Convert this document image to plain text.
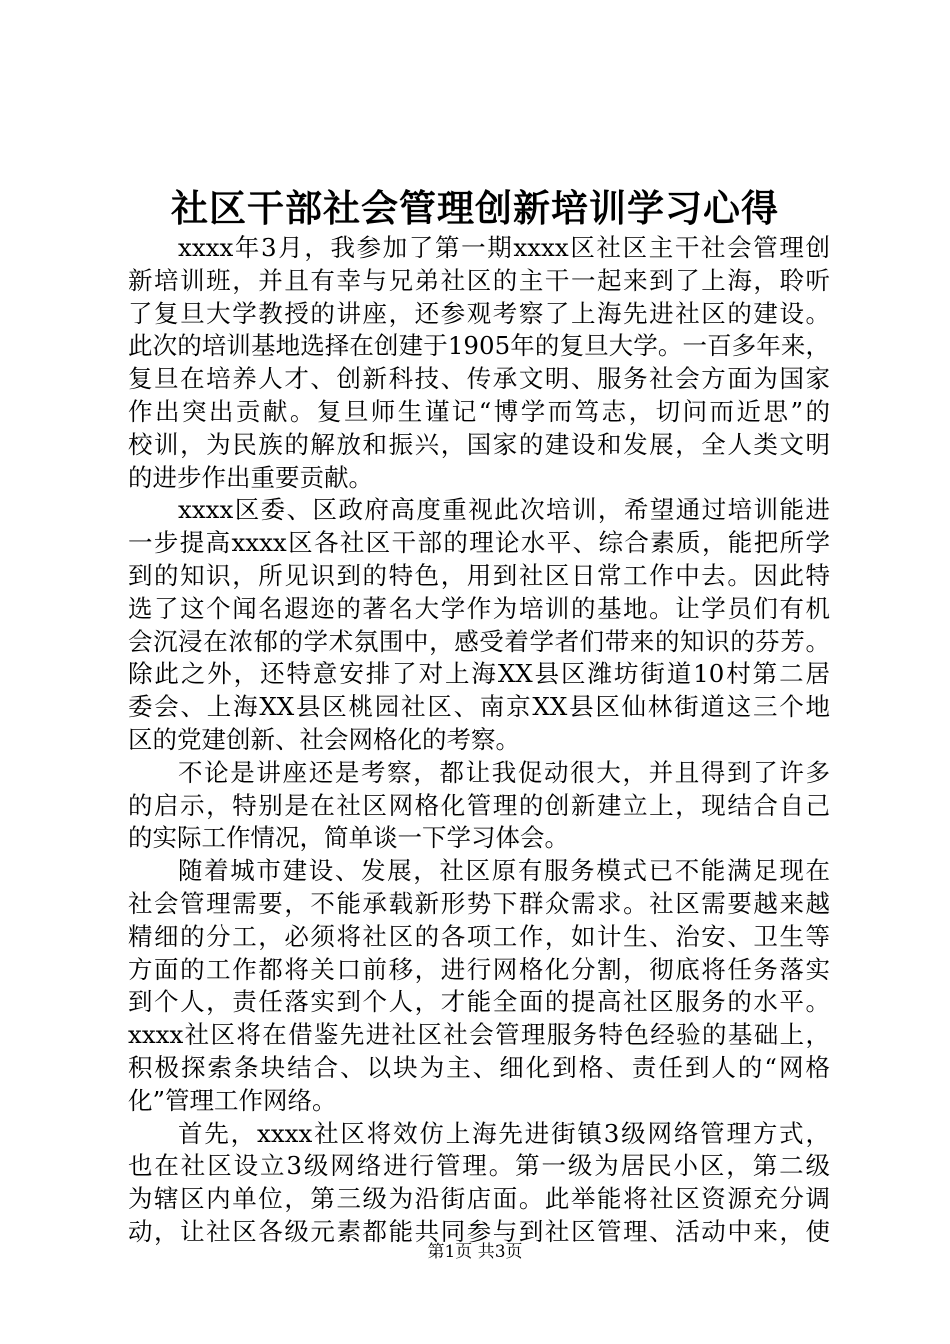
社区干部社会管理创新培训学习心得
xxxx年3月，我参加了第一期xxxx区社区主干社会管理创
新培训班，并且有幸与兄弟社区的主干一起来到了上海，聆听
了复旦大学教授的讲座，还参观考察了上海先进社区的建设。
此次的培训基地选择在创建于1905年的复旦大学。一百多年来，
复旦在培养人才、创新科技、传承文明、服务社会方面为国家
作出突出贡献。复旦师生谨记“博学而笃志，切问而近思”的
校训，为民族的解放和振兴，国家的建设和发展，全人类文明
的进步作出重要贡献。
xxxx区委、区政府高度重视此次培训，希望通过培训能进
一步提高xxxx区各社区干部的理论水平、综合素质，能把所学
到的知识，所见识到的特色，用到社区日常工作中去。因此特
选了这个闻名遐迩的著名大学作为培训的基地。让学员们有机
会沉浸在浓郁的学术氛围中，感受着学者们带来的知识的芬芳。
除此之外，还特意安排了对上海XX县区潍坊街道10村第二居
委会、上海XX县区桃园社区、南京XX县区仙林街道这三个地
区的党建创新、社会网格化的考察。
不论是讲座还是考察，都让我促动很大，并且得到了许多
的启示，特别是在社区网格化管理的创新建立上，现结合自己
的实际工作情况，简单谈一下学习体会。
随着城市建设、发展，社区原有服务模式已不能满足现在
社会管理需要，不能承载新形势下群众需求。社区需要越来越
精细的分工，必须将社区的各项工作，如计生、治安、卫生等
方面的工作都将关口前移，进行网格化分割，彻底将任务落实
到个人，责任落实到个人，才能全面的提高社区服务的水平。
xxxx社区将在借鉴先进社区社会管理服务特色经验的基础上，
积极探索条块结合、以块为主、细化到格、责任到人的“网格
化”管理工作网络。
首先，xxxx社区将效仿上海先进街镇3级网络管理方式，
也在社区设立3级网络进行管理。第一级为居民小区，第二级
为辖区内单位，第三级为沿街店面。此举能将社区资源充分调
动，让社区各级元素都能共同参与到社区管理、活动中来，使
第1页 共3页
